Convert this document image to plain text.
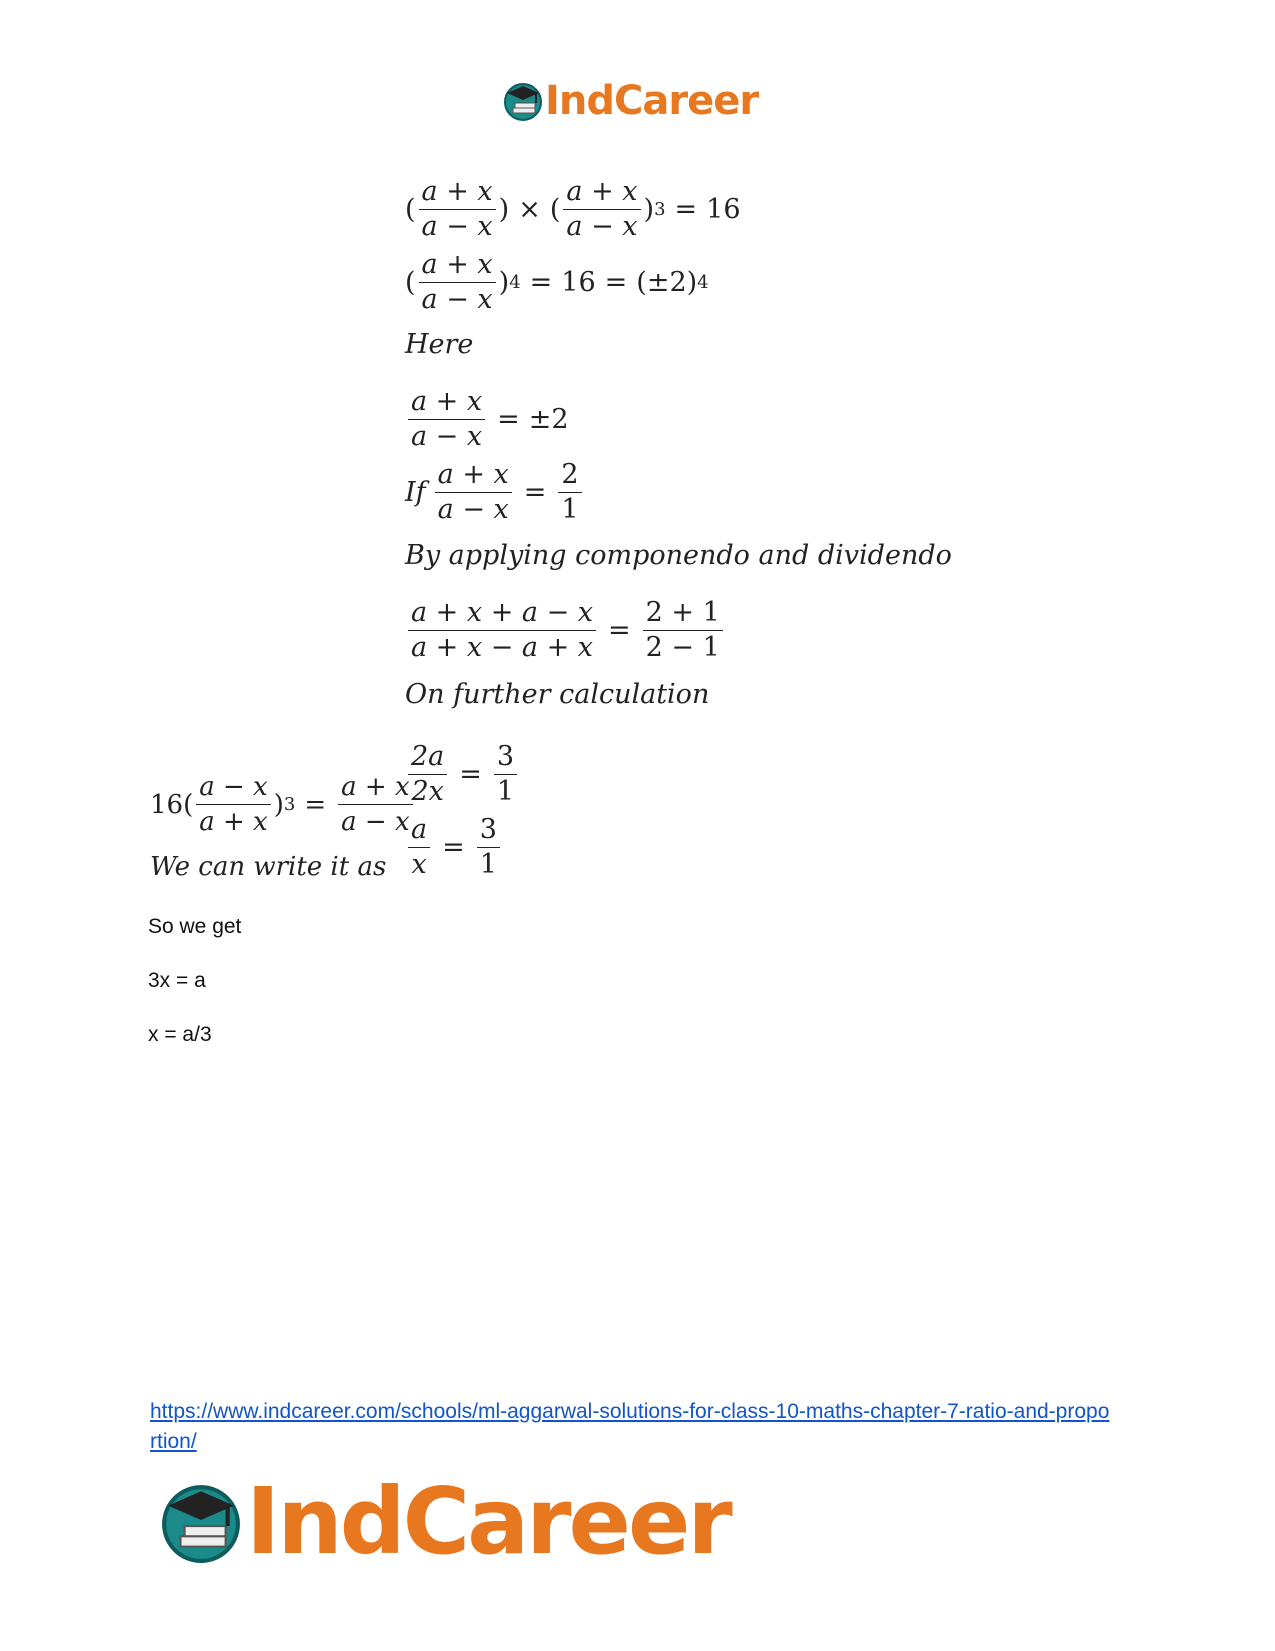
IndCareer
( $\frac{a + x}{a - x}$ ) × ( $\frac{a + x}{a - x}$ ) 3 = 16
( $\frac{a + x}{a - x}$ ) 4 = 16 = (±2) 4
Here
$\frac{a + x}{a - x} = \pm 2$
If $\frac{a + x}{a - x} = \frac{2}{1}$
By applying componendo and dividendo
$\frac{a + x + a - x}{a + x - a + x} = \frac{2 + 1}{2 - 1}$
On further calculation
$\frac{2a}{2x} = \frac{3}{1}$
$\frac{a}{x} = \frac{3}{1}$
$16( \frac{a - x}{a + x}$ ) $3 = \frac{a + x}{a - x}$
We can write it as
So we get
3x = a
x = a/3
https://www.indcareer.com/schools/ml-aggarwal-solutions-for-class-10-maths-chapter-7-ratio-and-proportion/
IndCareer
